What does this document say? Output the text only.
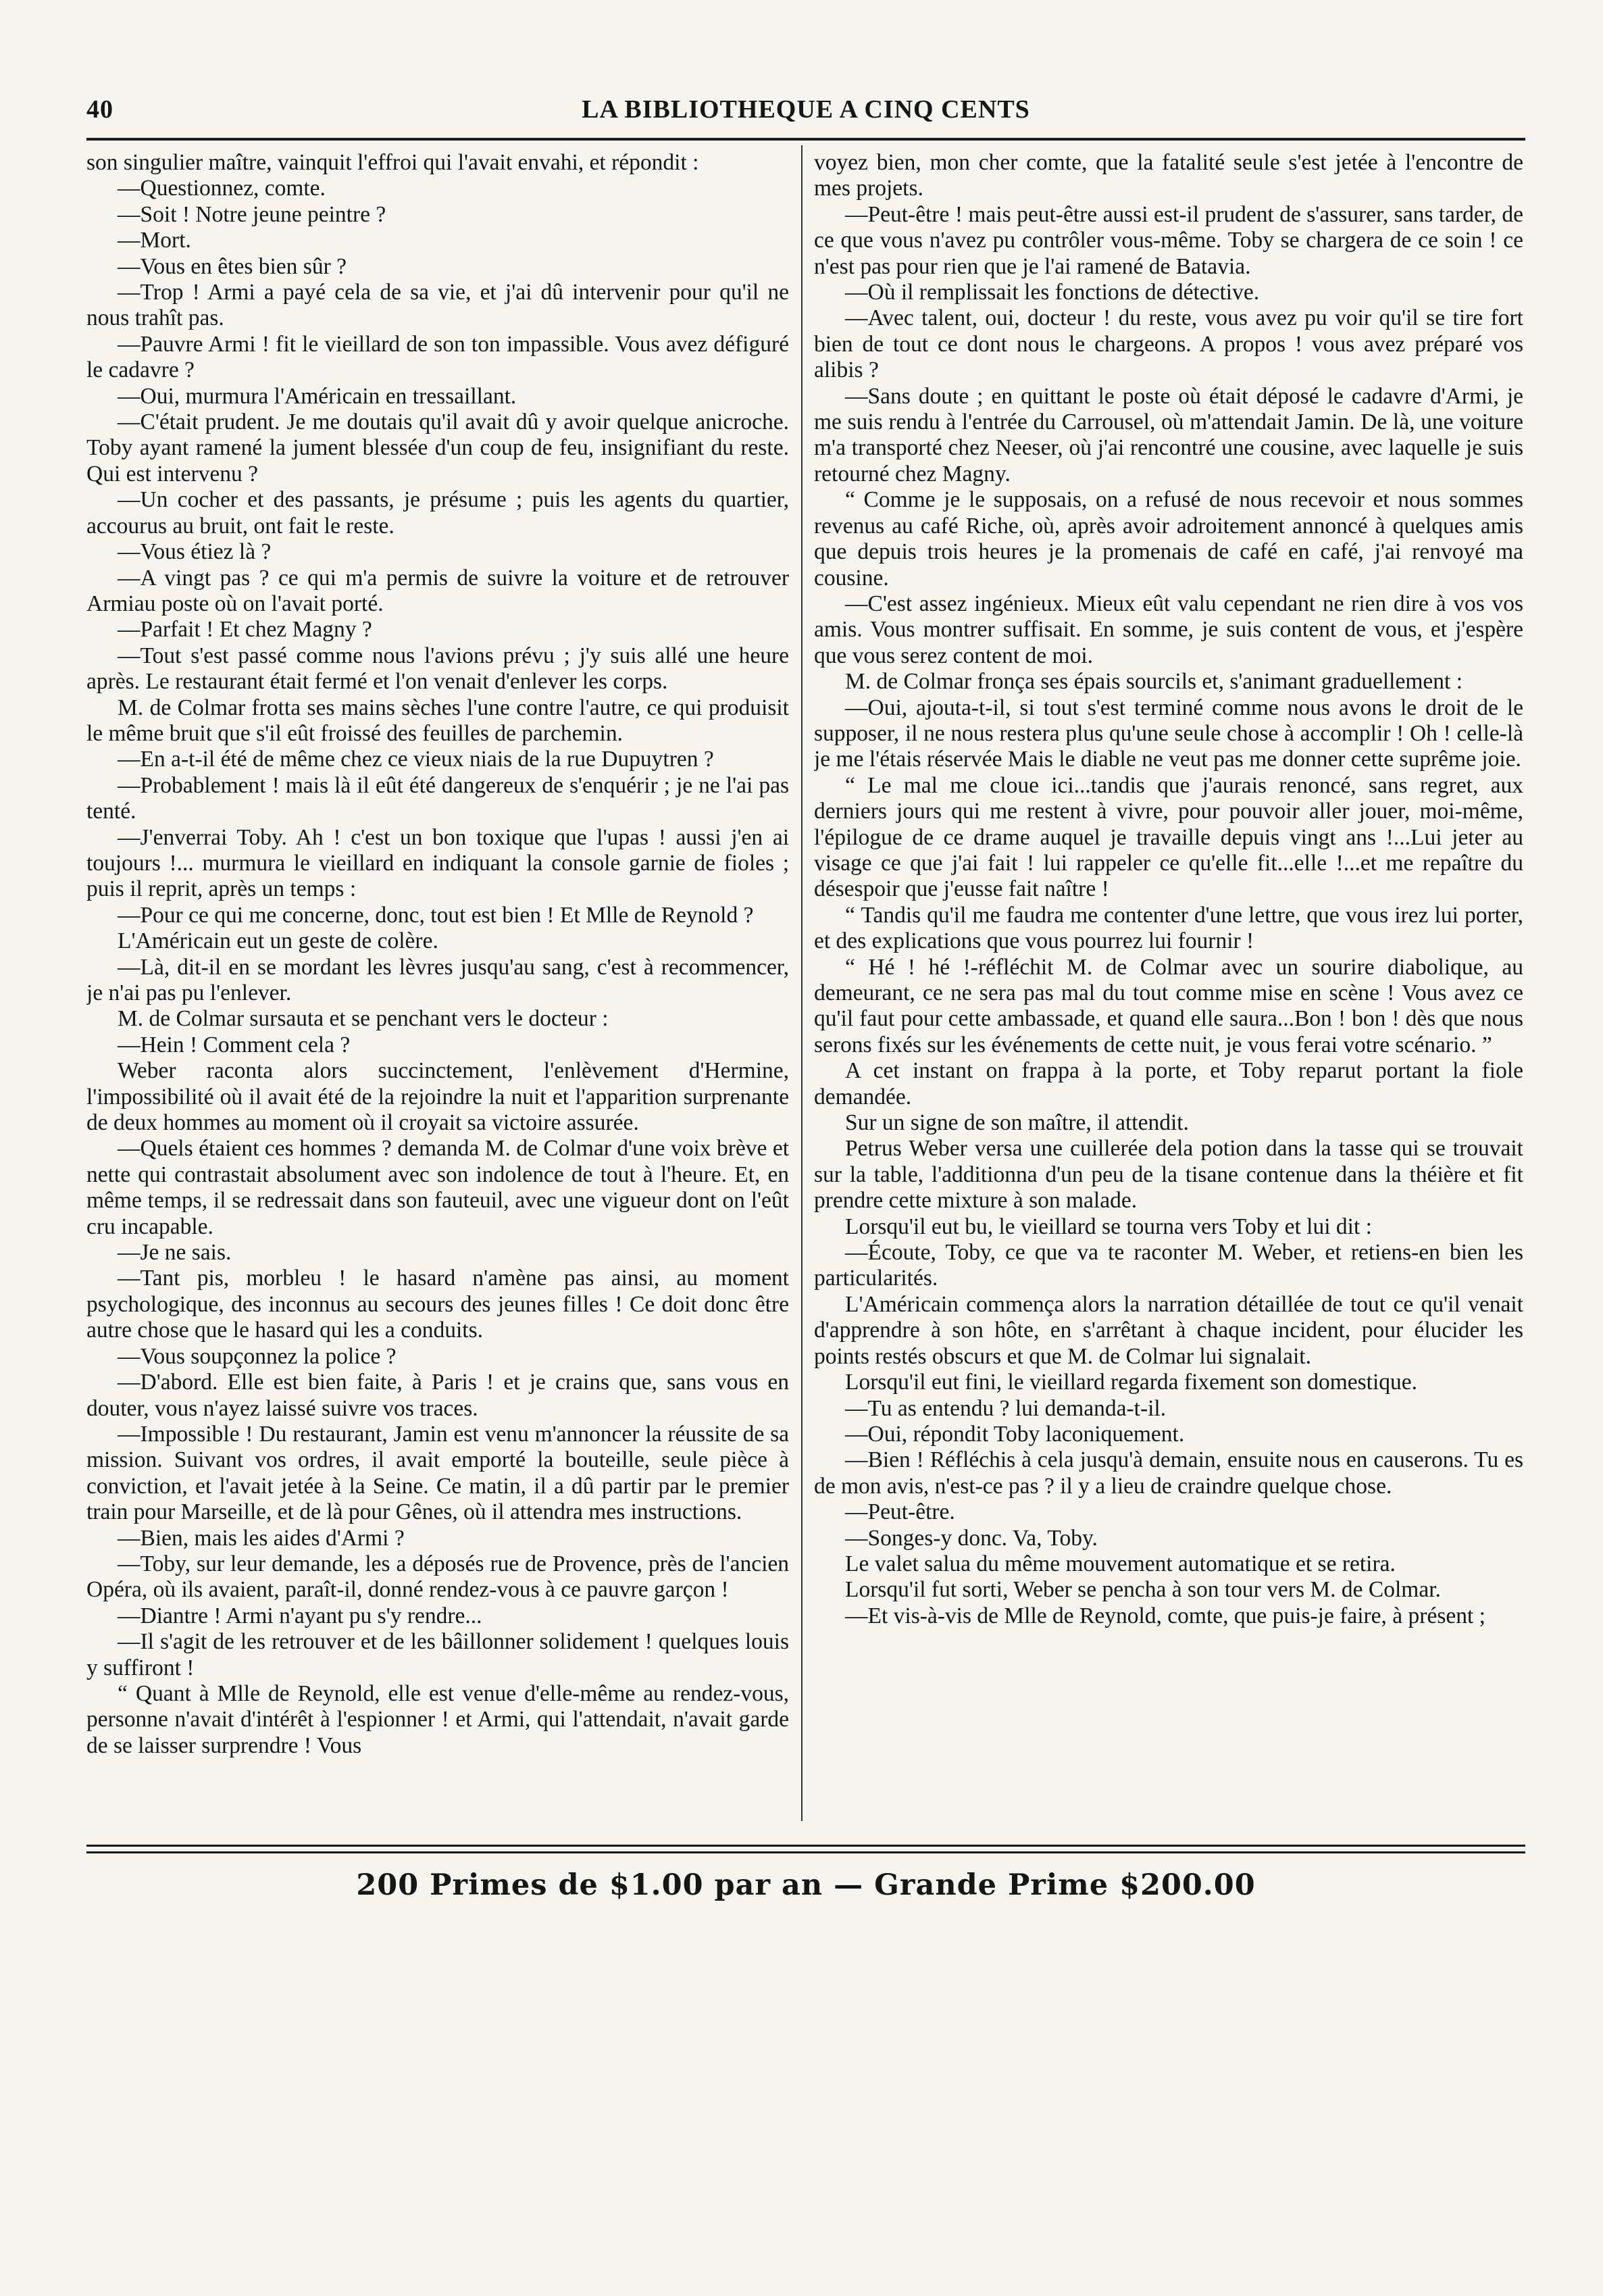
40	LA BIBLIOTHEQUE A CINQ CENTS

son singulier maître, vainquit l'effroi qui l'avait envahi, et répondit :

—Questionnez, comte.

—Soit ! Notre jeune peintre ?

—Mort.

—Vous en êtes bien sûr ?

—Trop ! Armi a payé cela de sa vie, et j'ai dû intervenir pour qu'il ne nous trahît pas.

—Pauvre Armi ! fit le vieillard de son ton impassible. Vous avez défiguré le cadavre ?

—Oui, murmura l'Américain en tressaillant.

—C'était prudent. Je me doutais qu'il avait dû y avoir quelque anicroche. Toby ayant ramené la jument blessée d'un coup de feu, insignifiant du reste. Qui est intervenu ?

—Un cocher et des passants, je présume ; puis les agents du quartier, accourus au bruit, ont fait le reste.

—Vous étiez là ?

—A vingt pas ? ce qui m'a permis de suivre la voiture et de retrouver Armiau poste où on l'avait porté.

—Parfait ! Et chez Magny ?

—Tout s'est passé comme nous l'avions prévu ; j'y suis allé une heure après. Le restaurant était fermé et l'on venait d'enlever les corps.

M. de Colmar frotta ses mains sèches l'une contre l'autre, ce qui produisit le même bruit que s'il eût froissé des feuilles de parchemin.

—En a-t-il été de même chez ce vieux niais de la rue Dupuytren ?

—Probablement ! mais là il eût été dangereux de s'enquérir ; je ne l'ai pas tenté.

—J'enverrai Toby. Ah ! c'est un bon toxique que l'upas ! aussi j'en ai toujours !... murmura le vieillard en indiquant la console garnie de fioles ; puis il reprit, après un temps :

—Pour ce qui me concerne, donc, tout est bien ! Et Mlle de Reynold ?

L'Américain eut un geste de colère.

—Là, dit-il en se mordant les lèvres jusqu'au sang, c'est à recommencer, je n'ai pas pu l'enlever.

M. de Colmar sursauta et se penchant vers le docteur :

—Hein ! Comment cela ?

Weber raconta alors succinctement, l'enlèvement d'Hermine, l'impossibilité où il avait été de la rejoindre la nuit et l'apparition surprenante de deux hommes au moment où il croyait sa victoire assurée.

—Quels étaient ces hommes ? demanda M. de Colmar d'une voix brève et nette qui contrastait absolument avec son indolence de tout à l'heure. Et, en même temps, il se redressait dans son fauteuil, avec une vigueur dont on l'eût cru incapable.

—Je ne sais.

—Tant pis, morbleu ! le hasard n'amène pas ainsi, au moment psychologique, des inconnus au secours des jeunes filles ! Ce doit donc être autre chose que le hasard qui les a conduits.

—Vous soupçonnez la police ?

—D'abord. Elle est bien faite, à Paris ! et je crains que, sans vous en douter, vous n'ayez laissé suivre vos traces.

—Impossible ! Du restaurant, Jamin est venu m'annoncer la réussite de sa mission. Suivant vos ordres, il avait emporté la bouteille, seule pièce à conviction, et l'avait jetée à la Seine. Ce matin, il a dû partir par le premier train pour Marseille, et de là pour Gênes, où il attendra mes instructions.

—Bien, mais les aides d'Armi ?

—Toby, sur leur demande, les a déposés rue de Provence, près de l'ancien Opéra, où ils avaient, paraît-il, donné rendez-vous à ce pauvre garçon !

—Diantre ! Armi n'ayant pu s'y rendre...

—Il s'agit de les retrouver et de les bâillonner solidement ! quelques louis y suffiront !

“ Quant à Mlle de Reynold, elle est venue d'elle-même au rendez-vous, personne n'avait d'intérêt à l'espionner ! et Armi, qui l'attendait, n'avait garde de se laisser surprendre ! Vous

voyez bien, mon cher comte, que la fatalité seule s'est jetée à l'encontre de mes projets.

—Peut-être ! mais peut-être aussi est-il prudent de s'assurer, sans tarder, de ce que vous n'avez pu contrôler vous-même. Toby se chargera de ce soin ! ce n'est pas pour rien que je l'ai ramené de Batavia.

—Où il remplissait les fonctions de détective.

—Avec talent, oui, docteur ! du reste, vous avez pu voir qu'il se tire fort bien de tout ce dont nous le chargeons. A propos ! vous avez préparé vos alibis ?

—Sans doute ; en quittant le poste où était déposé le cadavre d'Armi, je me suis rendu à l'entrée du Carrousel, où m'attendait Jamin. De là, une voiture m'a transporté chez Neeser, où j'ai rencontré une cousine, avec laquelle je suis retourné chez Magny.

“ Comme je le supposais, on a refusé de nous recevoir et nous sommes revenus au café Riche, où, après avoir adroitement annoncé à quelques amis que depuis trois heures je la promenais de café en café, j'ai renvoyé ma cousine.

—C'est assez ingénieux. Mieux eût valu cependant ne rien dire à vos vos amis. Vous montrer suffisait. En somme, je suis content de vous, et j'espère que vous serez content de moi.

M. de Colmar fronça ses épais sourcils et, s'animant graduellement :

—Oui, ajouta-t-il, si tout s'est terminé comme nous avons le droit de le supposer, il ne nous restera plus qu'une seule chose à accomplir ! Oh ! celle-là je me l'étais réservée Mais le diable ne veut pas me donner cette suprême joie.

“ Le mal me cloue ici...tandis que j'aurais renoncé, sans regret, aux derniers jours qui me restent à vivre, pour pouvoir aller jouer, moi-même, l'épilogue de ce drame auquel je travaille depuis vingt ans !...Lui jeter au visage ce que j'ai fait ! lui rappeler ce qu'elle fit...elle !...et me repaître du désespoir que j'eusse fait naître !

“ Tandis qu'il me faudra me contenter d'une lettre, que vous irez lui porter, et des explications que vous pourrez lui fournir !

“ Hé ! hé !-réfléchit M. de Colmar avec un sourire diabolique, au demeurant, ce ne sera pas mal du tout comme mise en scène ! Vous avez ce qu'il faut pour cette ambassade, et quand elle saura...Bon ! bon ! dès que nous serons fixés sur les événements de cette nuit, je vous ferai votre scénario. ”

A cet instant on frappa à la porte, et Toby reparut portant la fiole demandée.

Sur un signe de son maître, il attendit.

Petrus Weber versa une cuillerée dela potion dans la tasse qui se trouvait sur la table, l'additionna d'un peu de la tisane contenue dans la théière et fit prendre cette mixture à son malade.

Lorsqu'il eut bu, le vieillard se tourna vers Toby et lui dit :

—Écoute, Toby, ce que va te raconter M. Weber, et retiens-en bien les particularités.

L'Américain commença alors la narration détaillée de tout ce qu'il venait d'apprendre à son hôte, en s'arrêtant à chaque incident, pour élucider les points restés obscurs et que M. de Colmar lui signalait.

Lorsqu'il eut fini, le vieillard regarda fixement son domestique.

—Tu as entendu ? lui demanda-t-il.

—Oui, répondit Toby laconiquement.

—Bien ! Réfléchis à cela jusqu'à demain, ensuite nous en causerons. Tu es de mon avis, n'est-ce pas ? il y a lieu de craindre quelque chose.

—Peut-être.

—Songes-y donc. Va, Toby.

Le valet salua du même mouvement automatique et se retira.

Lorsqu'il fut sorti, Weber se pencha à son tour vers M. de Colmar.

—Et vis-à-vis de Mlle de Reynold, comte, que puis-je faire, à présent ;

200 Primes de $1.00 par an — Grande Prime $200.00
